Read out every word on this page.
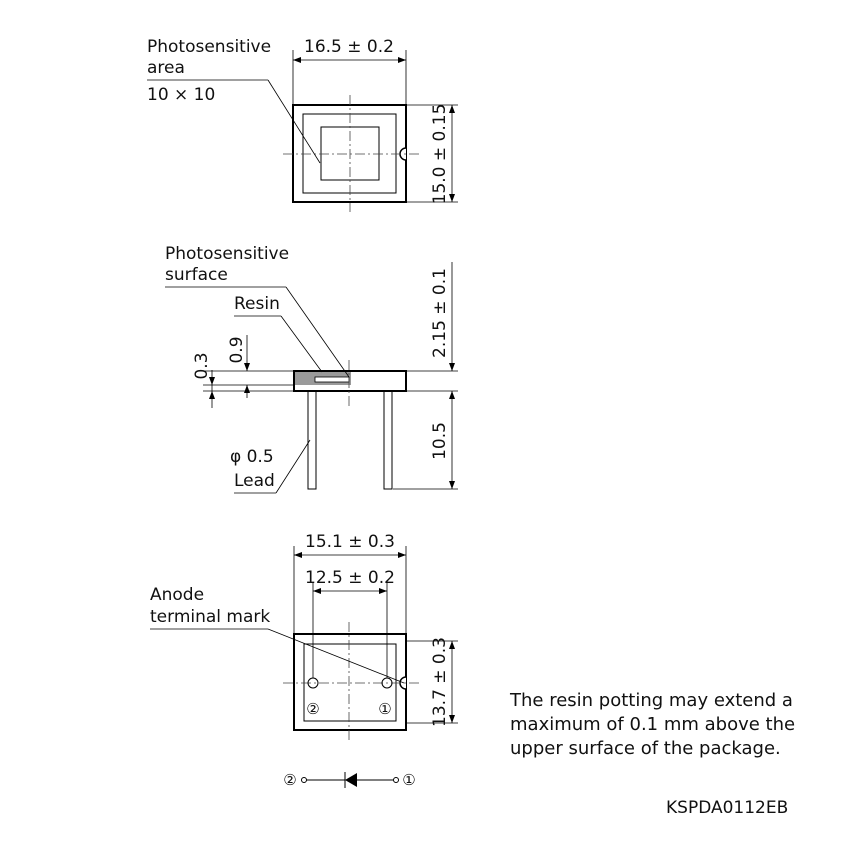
16.5 ± 0.2
15.0 ± 0.15
Photosensitive
area
10 × 10
0.9
0.3
2.15 ± 0.1
10.5
Photosensitive
surface
Resin
φ 0.5
Lead
②	①
15.1 ± 0.3
12.5 ± 0.2
13.7 ± 0.3
Anode
terminal mark
②	①
The resin potting may extend a
maximum of 0.1 mm above the
upper surface of the package.
KSPDA0112EB
